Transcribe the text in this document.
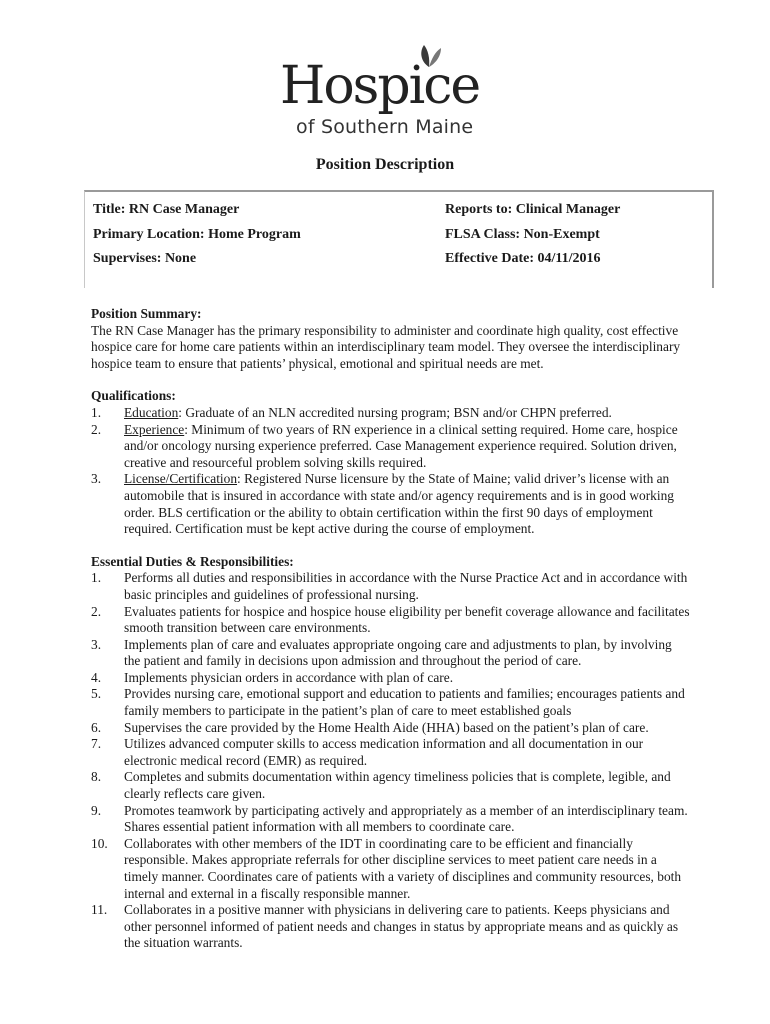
Hospice
of Southern Maine
Position Description
Title: RN Case Manager	Reports to: Clinical Manager
Primary Location: Home Program	FLSA Class: Non-Exempt
Supervises: None	Effective Date: 04/11/2016
Position Summary:

The RN Case Manager has the primary responsibility to administer and coordinate high quality, cost effective hospice care for home care patients within an interdisciplinary team model. They oversee the interdisciplinary hospice team to ensure that patients’ physical, emotional and spiritual needs are met.

Qualifications:
1. Education: Graduate of an NLN accredited nursing program; BSN and/or CHPN preferred.
2. Experience: Minimum of two years of RN experience in a clinical setting required. Home care, hospice and/or oncology nursing experience preferred. Case Management experience required. Solution driven, creative and resourceful problem solving skills required.
3. License/Certification: Registered Nurse licensure by the State of Maine; valid driver’s license with an automobile that is insured in accordance with state and/or agency requirements and is in good working order. BLS certification or the ability to obtain certification within the first 90 days of employment required. Certification must be kept active during the course of employment.
Essential Duties & Responsibilities:
1. Performs all duties and responsibilities in accordance with the Nurse Practice Act and in accordance with basic principles and guidelines of professional nursing.
2. Evaluates patients for hospice and hospice house eligibility per benefit coverage allowance and facilitates smooth transition between care environments.
3. Implements plan of care and evaluates appropriate ongoing care and adjustments to plan, by involving the patient and family in decisions upon admission and throughout the period of care.
4. Implements physician orders in accordance with plan of care.
5. Provides nursing care, emotional support and education to patients and families; encourages patients and family members to participate in the patient’s plan of care to meet established goals
6. Supervises the care provided by the Home Health Aide (HHA) based on the patient’s plan of care.
7. Utilizes advanced computer skills to access medication information and all documentation in our electronic medical record (EMR) as required.
8. Completes and submits documentation within agency timeliness policies that is complete, legible, and clearly reflects care given.
9. Promotes teamwork by participating actively and appropriately as a member of an interdisciplinary team. Shares essential patient information with all members to coordinate care.
10. Collaborates with other members of the IDT in coordinating care to be efficient and financially responsible. Makes appropriate referrals for other discipline services to meet patient care needs in a timely manner. Coordinates care of patients with a variety of disciplines and community resources, both internal and external in a fiscally responsible manner.
11. Collaborates in a positive manner with physicians in delivering care to patients. Keeps physicians and other personnel informed of patient needs and changes in status by appropriate means and as quickly as the situation warrants.
